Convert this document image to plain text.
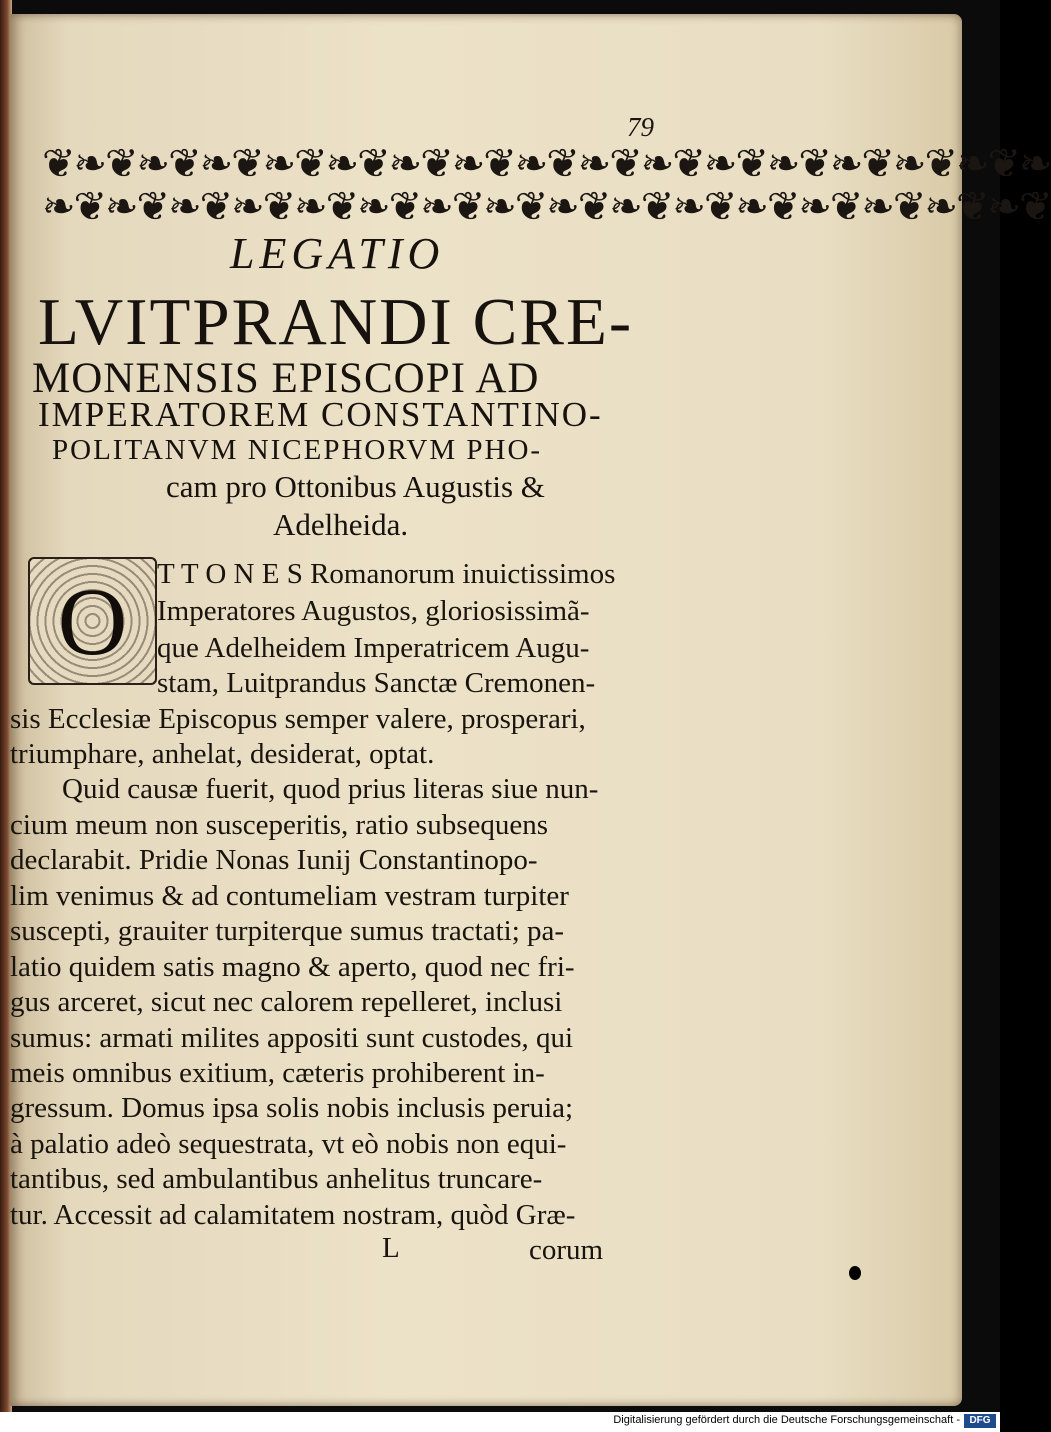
79
❦❧❦❧❦❧❦❧❦❧❦❧❦❧❦❧❦❧❦❧❦❧❦❧❦❧❦❧❦❧❦❧
❧❦❧❦❧❦❧❦❧❦❧❦❧❦❧❦❧❦❧❦❧❦❧❦❧❦❧❦❧❦❧❦
LEGATIO
LVITPRANDI CRE-
MONENSIS EPISCOPI AD
IMPERATOREM CONSTANTINO-
POLITANVM NICEPHORVM PHO-
cam pro Ottonibus Augustis &
Adelheida.
O	T T O N E S Romanorum inuictissimos
Imperatores Augustos, gloriosissimã-
que Adelheidem Imperatricem Augu-
stam, Luitprandus Sanctæ Cremonen-
sis Ecclesiæ Episcopus semper valere, prosperari,
triumphare, anhelat, desiderat, optat.
Quid causæ fuerit, quod prius literas siue nun-
cium meum non susceperitis, ratio subsequens
declarabit. Pridie Nonas Iunij Constantinopo-
lim venimus & ad contumeliam vestram turpiter
suscepti, grauiter turpiterque sumus tractati; pa-
latio quidem satis magno & aperto, quod nec fri-
gus arceret, sicut nec calorem repelleret, inclusi
sumus: armati milites appositi sunt custodes, qui
meis omnibus exitium, cæteris prohiberent in-
gressum. Domus ipsa solis nobis inclusis peruia;
à palatio adeò sequestrata, vt eò nobis non equi-
tantibus, sed ambulantibus anhelitus truncare-
tur. Accessit ad calamitatem nostram, quòd Græ-
L	corum
Digitalisierung gefördert durch die Deutsche Forschungsgemeinschaft - DFG
